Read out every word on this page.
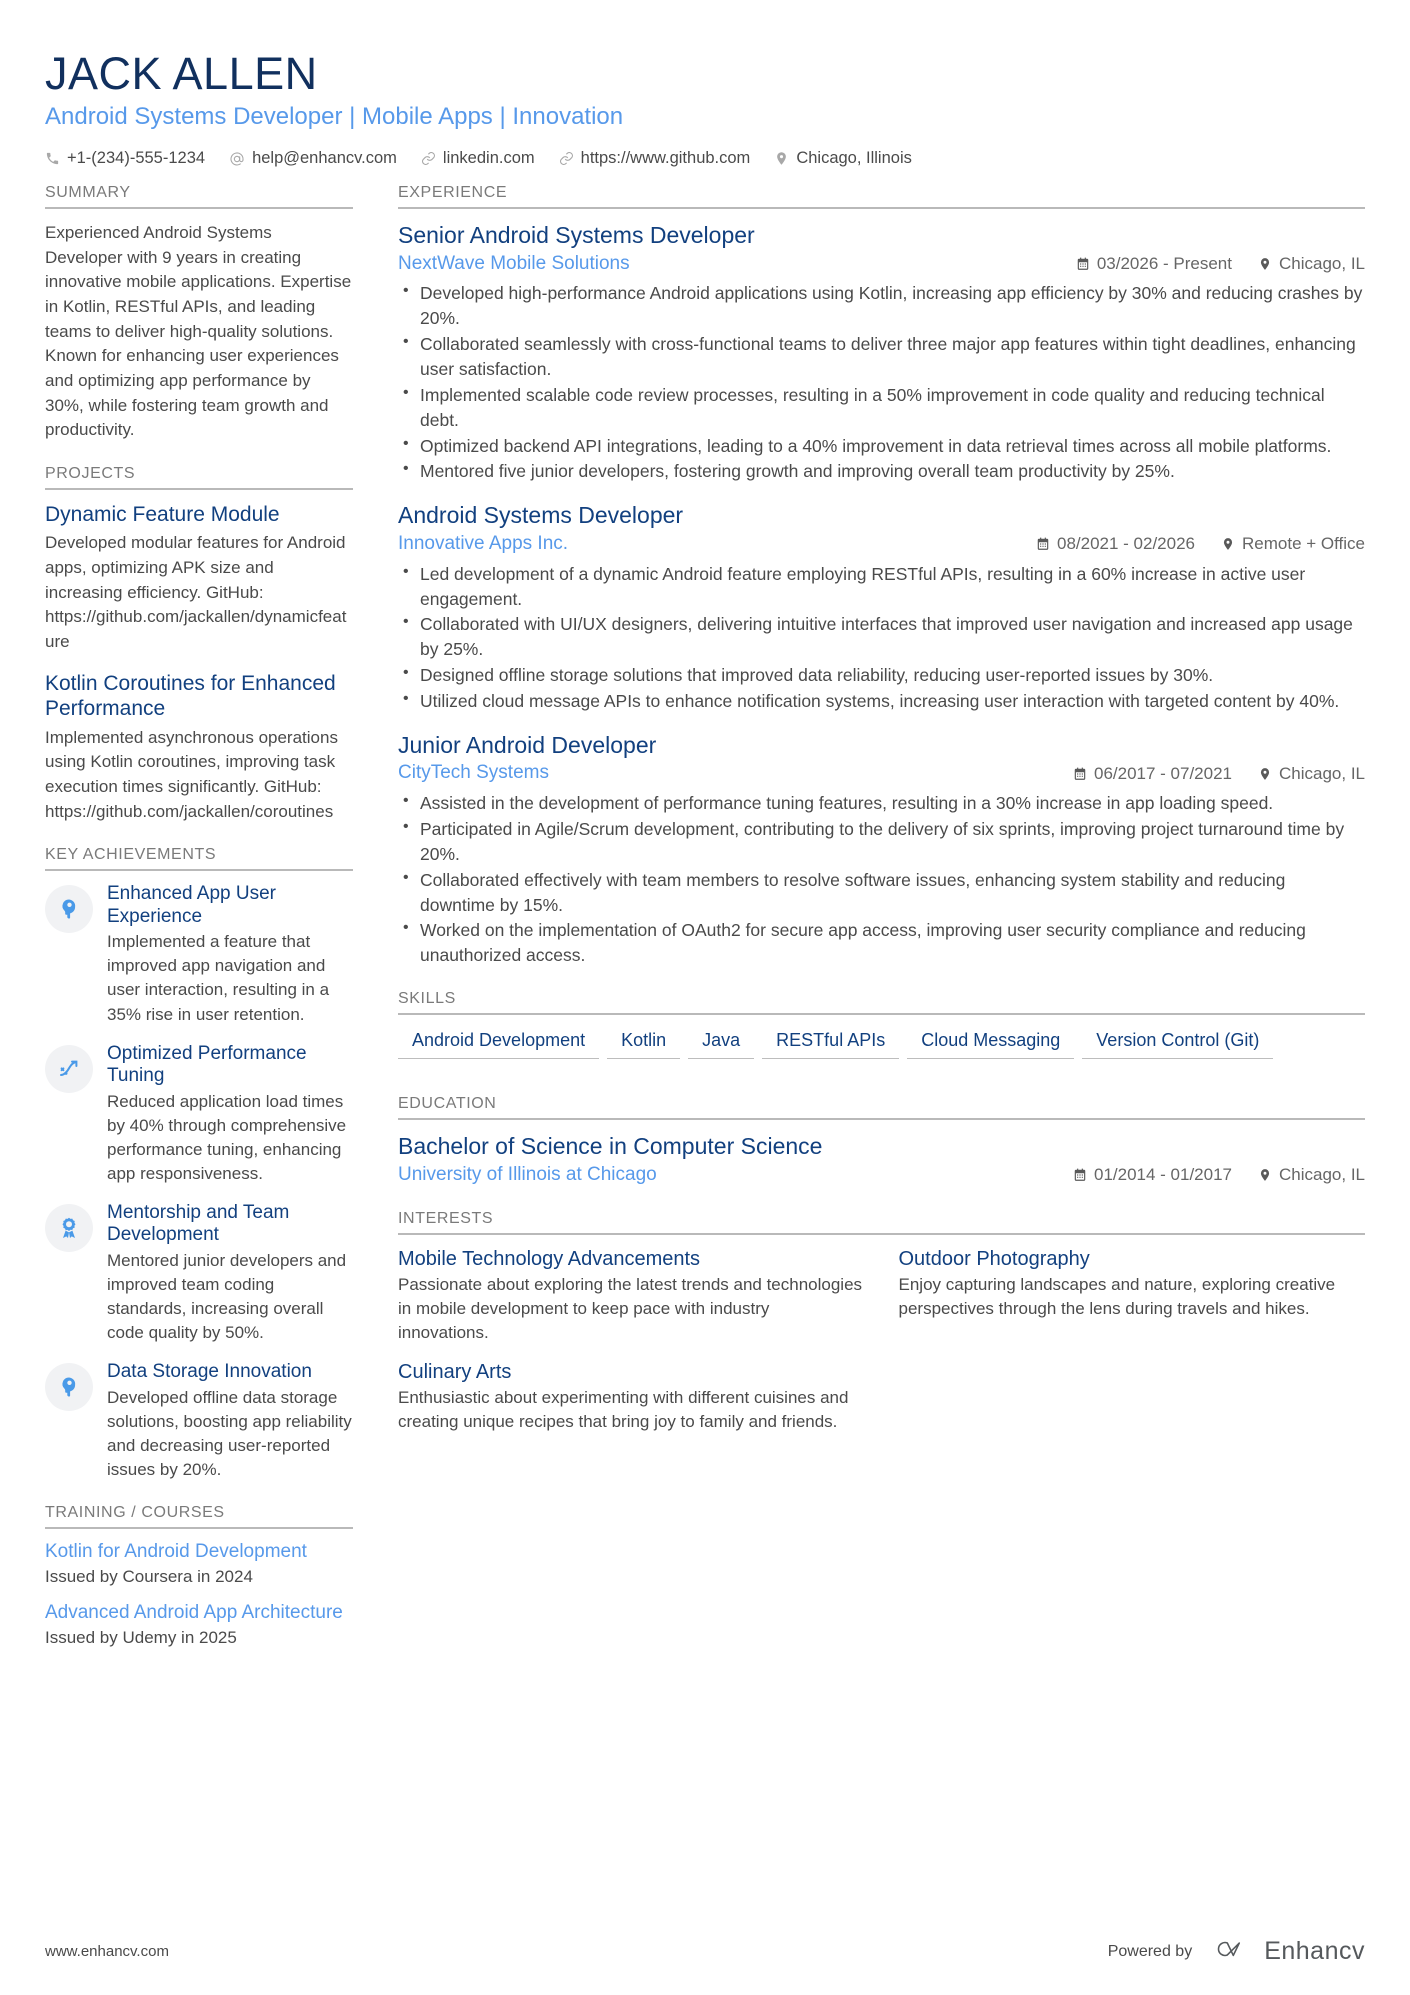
JACK ALLEN
Android Systems Developer | Mobile Apps | Innovation
+1-(234)-555-1234	help@enhancv.com	linkedin.com	https://www.github.com	Chicago, Illinois
SUMMARY
Experienced Android Systems Developer with 9 years in creating innovative mobile applications. Expertise in Kotlin, RESTful APIs, and leading teams to deliver high-quality solutions. Known for enhancing user experiences and optimizing app performance by 30%, while fostering team growth and productivity.
PROJECTS
Dynamic Feature Module
Developed modular features for Android apps, optimizing APK size and increasing efficiency. GitHub: https://github.com/jackallen/dynamicfeature
Kotlin Coroutines for Enhanced Performance
Implemented asynchronous operations using Kotlin coroutines, improving task execution times significantly. GitHub: https://github.com/jackallen/coroutines
KEY ACHIEVEMENTS
Enhanced App User Experience
Implemented a feature that improved app navigation and user interaction, resulting in a 35% rise in user retention.
Optimized Performance Tuning
Reduced application load times by 40% through comprehensive performance tuning, enhancing app responsiveness.
Mentorship and Team Development
Mentored junior developers and improved team coding standards, increasing overall code quality by 50%.
Data Storage Innovation
Developed offline data storage solutions, boosting app reliability and decreasing user-reported issues by 20%.
TRAINING / COURSES
Kotlin for Android Development
Issued by Coursera in 2024
Advanced Android App Architecture
Issued by Udemy in 2025
EXPERIENCE
Senior Android Systems Developer
NextWave Mobile Solutions	03/2026 - Present	Chicago, IL
• Developed high-performance Android applications using Kotlin, increasing app efficiency by 30% and reducing crashes by 20%.
• Collaborated seamlessly with cross-functional teams to deliver three major app features within tight deadlines, enhancing user satisfaction.
• Implemented scalable code review processes, resulting in a 50% improvement in code quality and reducing technical debt.
• Optimized backend API integrations, leading to a 40% improvement in data retrieval times across all mobile platforms.
• Mentored five junior developers, fostering growth and improving overall team productivity by 25%.
Android Systems Developer
Innovative Apps Inc.	08/2021 - 02/2026	Remote + Office
• Led development of a dynamic Android feature employing RESTful APIs, resulting in a 60% increase in active user engagement.
• Collaborated with UI/UX designers, delivering intuitive interfaces that improved user navigation and increased app usage by 25%.
• Designed offline storage solutions that improved data reliability, reducing user-reported issues by 30%.
• Utilized cloud message APIs to enhance notification systems, increasing user interaction with targeted content by 40%.
Junior Android Developer
CityTech Systems	06/2017 - 07/2021	Chicago, IL
• Assisted in the development of performance tuning features, resulting in a 30% increase in app loading speed.
• Participated in Agile/Scrum development, contributing to the delivery of six sprints, improving project turnaround time by 20%.
• Collaborated effectively with team members to resolve software issues, enhancing system stability and reducing downtime by 15%.
• Worked on the implementation of OAuth2 for secure app access, improving user security compliance and reducing unauthorized access.
SKILLS
Android Development	Kotlin	Java	RESTful APIs	Cloud Messaging	Version Control (Git)
EDUCATION
Bachelor of Science in Computer Science
University of Illinois at Chicago	01/2014 - 01/2017	Chicago, IL
INTERESTS
Mobile Technology Advancements
Passionate about exploring the latest trends and technologies in mobile development to keep pace with industry innovations.
Culinary Arts
Enthusiastic about experimenting with different cuisines and creating unique recipes that bring joy to family and friends.
Outdoor Photography
Enjoy capturing landscapes and nature, exploring creative perspectives through the lens during travels and hikes.
www.enhancv.com	Powered by	Enhancv
